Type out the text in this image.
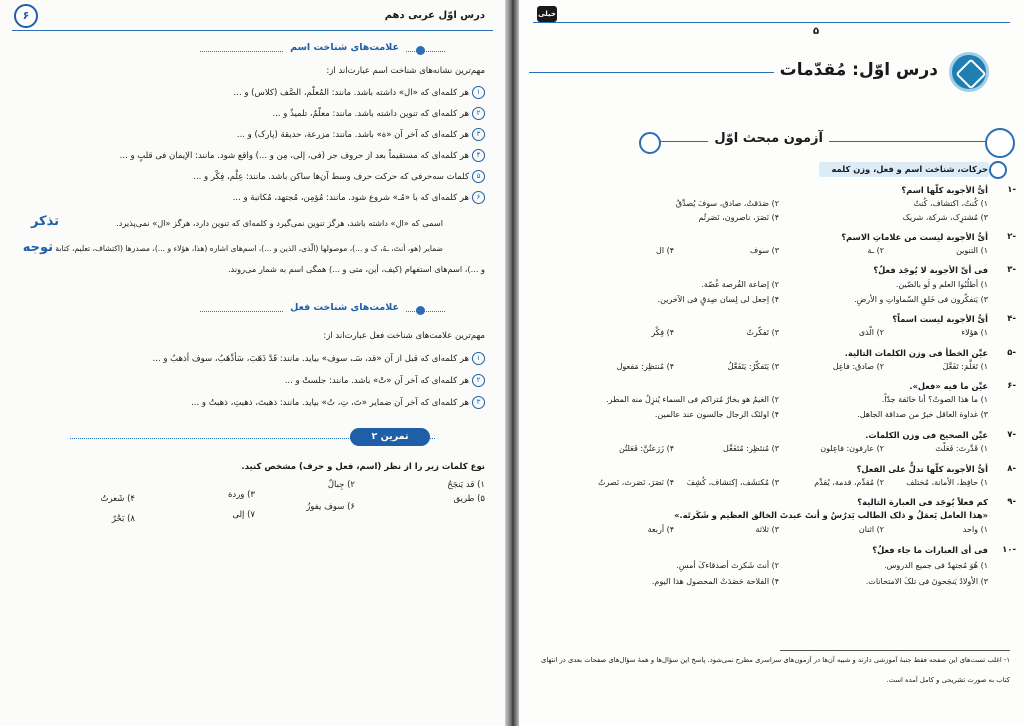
درس اوّل عربی دهم
۶
علامت‌های شناخت اسم
مهم‌ترین نشانه‌های شناخت اسم عبارت‌اند از:
۱هر کلمه‌ای که «ال» داشته باشد. مانند: المُعلّم، الصَّف (کلاس) و ...
۲هر کلمه‌ای که تنوین داشته باشد. مانند: معلّمٌ، تلمیذٌ و ...
۳هر کلمه‌ای که آخر آن «ة» باشد. مانند: مزرعة، حدیقة (پارک) و ...
۴هر کلمه‌ای که مستقیماً بعد از حروف جر (فی، إلی، مِن و ...) واقع شود. مانند: الإیمان فی قلبٍ و ...
۵کلمات سه‌حرفی که حرکت حرف وسط آن‌ها ساکن باشد. مانند: عِلْم، فِکْر و ...
۶هر کلمه‌ای که با «مُـ» شروع شود. مانند: مُؤمِن، مُجتهد، مُکاتبة و ...
تذکر	اسمی که «ال» داشته باشد، هرگز تنوین نمی‌گیرد و کلمه‌ای که تنوین دارد، هرگز «ال» نمی‌پذیرد.
توجه ضمایر (هو، أنتَ، ـهُ، ک و ...)، موصولها (الّذی، الذین و ...)، اسم‌های اشاره (هذا، هؤلاء و ...)، مصدرها (اکتشاف، تعلیم، کتابة
و ...)، اسم‌های استفهام (کیف، أین، متی و ...) همگی اسم به شمار می‌روند.
علامت‌های شناخت فعل
مهم‌ترین علامت‌های شناخت فعل عبارت‌اند از:
۱هر کلمه‌ای که قبل از آن «قد، سَـ، سوف» بیاید. مانند: قَدْ ذَهَبَ، سَأذْهَبُ، سوف أذهبُ و ...
۲هر کلمه‌ای که آخر آن «تْ» باشد. مانند: جلستْ و ...
۳هر کلمه‌ای که آخر آن ضمایر «تَ، تِ، تُ» بیاید. مانند: ذهبتَ، ذهبتِ، ذهبتُ و ...
تمرین ۲
نوع کلمات زیر را از نظر (اسم، فعل و حرف) مشخص کنید.
۱) قد یَنجَحُ
۲) جِبالٌ
۳) وردة
۴) شَعرتُ	۵) طریق
۶) سوف یفوزُ
۷) إلی
۸) بَحْرٌ
خیلی سبز	۵
درس اوّل: مُقدّمات
آزمون مبحث اوّل
حرکات، شناخت اسم و فعل، وزن کلمه
-۱
أیُّ الأجوبة کلّها اسم؟
۱) کُنتُ، اکتشاف، کُنتُ
۲) صَدَقتُ، صادق، سوفَ یُصدِّقُ
۳) مُشترِک، شرکة، شریک
۴) نَصَرَ، ناصرون، نَصَرتُم
-۲
أیُّ الأجوبة لیست من علاماتِ الاسم؟
۱) التنوین
۲) ـة
۳) سوف
۴) ال
-۳
فی أیِّ الأجوبة لا یُوجَد فعلٌ؟
۱) أطلُبُوا العلم و لَو بالصّین.
۲) إضاعة الفُرصة غُصّة.
۳) یَتفکّرون فی خَلقِ السّماواتِ و الأرضِ.
۴) اِجعل لی لِسان صِدقٍ فی الآخرین.
-۴
أیُّ الأجوبة لیست اسماً؟
۱) هؤلاء
۲) الّذی
۳) تَفکّرتُ
۴) فِکْر
-۵
عیِّن الخطأ فی وزن الکلمات التالیة.
۱) تَعَلَّمَ: تَفَعَّلَ
۲) صادق: فاعِل
۳) یَتَفکّرُ: یَتَفَعَّلُ
۴) مُنتظِر: مَفعول
-۶
عیِّن ما فیه «فعل».
۱) ما هذا الصوتُ؟ أنا خائفة جدّاً.
۲) الغیمُ هو بخارٌ مُتراکم فی السماء یُنزِلُ منه المطر.
۳) غداوة العاقل خیرٌ من صداقة الجاهل.
۴) اولئک الرجال جالسون عند عالمین.
-۷
عیِّن الصحیح فی وزن الکلمات.
۱) قَدَّرتَ: فَعَلْتَ
۲) عارفون: فاعِلون
۳) مُنتَظِر: مُتَفَعِّل
۴) زَرَعتُنَّ: فَعَلتُن
-۸
أیُّ الأجوبة کلّها تدلُّ علی الفعل؟
۱) حافِظ، الأمانة، مُختلف
۲) مُقدِّم، قدمة، یُقدِّم
۳) مُکتشَف، إکتشاف، کُشِفَ
۴) نَصَرَ، نَصَرتَ، نَصرتُ
-۹
کم فعلاً یُوجَد فی العبارة التالیة؟
«هذا العامل یَعمَلُ و ذلک الطالب یَدرُسُ و أنتَ عبدتَ الخالق العظیم و شَکَرتَه.»
۱) واحد
۲) اثنان
۳) ثلاثة
۴) أربعة
-۱۰
فی أی العبارات ما جاء فعلٌ؟
۱) هُوَ مُجتهدٌ فی جمیع الدروس.
۲) أنتَ شَکرتَ أصدقاءکَ أمسِ.
۳) الأولادُ یَنجَحونَ فی تلکَ الامتحانات.
۴) الفلاحة حَصَدَتْ المحصول هذا الیوم.
۱- اغلب تست‌های این صفحه فقط جنبهٔ آموزشی دارند و شبیه آن‌ها در آزمون‌های سراسری مطرح نمی‌شود. پاسخ این سؤال‌ها و همهٔ سؤال‌های صفحات بعدی در انتهای
کتاب به صورت تشریحی و کامل آمده است.
